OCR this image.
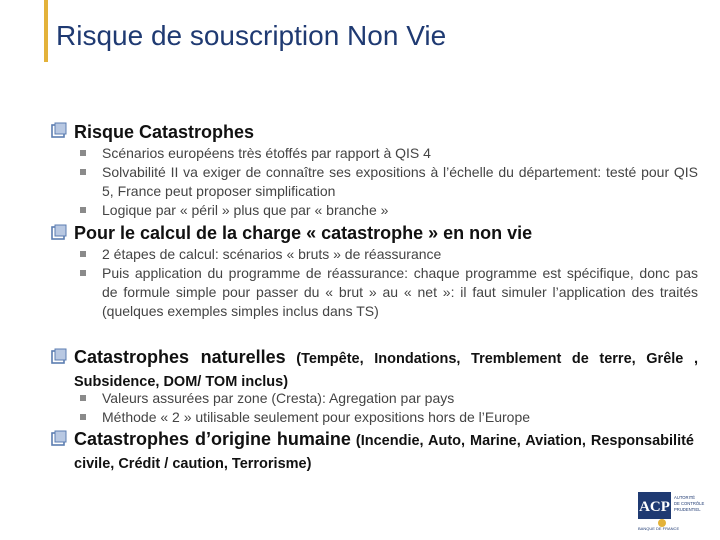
Risque de souscription Non Vie
Risque Catastrophes
Scénarios européens très étoffés par rapport à QIS 4
Solvabilité II va exiger de connaître ses expositions à l’échelle du département: testé pour QIS 5, France peut proposer simplification
Logique par « péril » plus que par « branche »
Pour le calcul de la charge « catastrophe » en non vie
2 étapes de calcul: scénarios « bruts » de réassurance
Puis application du programme de réassurance: chaque programme est spécifique, donc pas de formule simple pour passer du « brut » au « net »: il faut simuler l’application des traités (quelques exemples simples inclus dans TS)
Catastrophes naturelles (Tempête, Inondations, Tremblement de terre, Grêle , Subsidence, DOM/ TOM inclus)
Valeurs assurées par zone (Cresta): Agregation par pays
Méthode « 2 » utilisable seulement pour expositions hors de l’Europe
Catastrophes d’origine humaine (Incendie, Auto, Marine, Aviation, Responsabilité civile, Crédit / caution, Terrorisme)
ACP
AUTORITÉ
DE CONTRÔLE
PRUDENTIEL
BANQUE DE FRANCE
